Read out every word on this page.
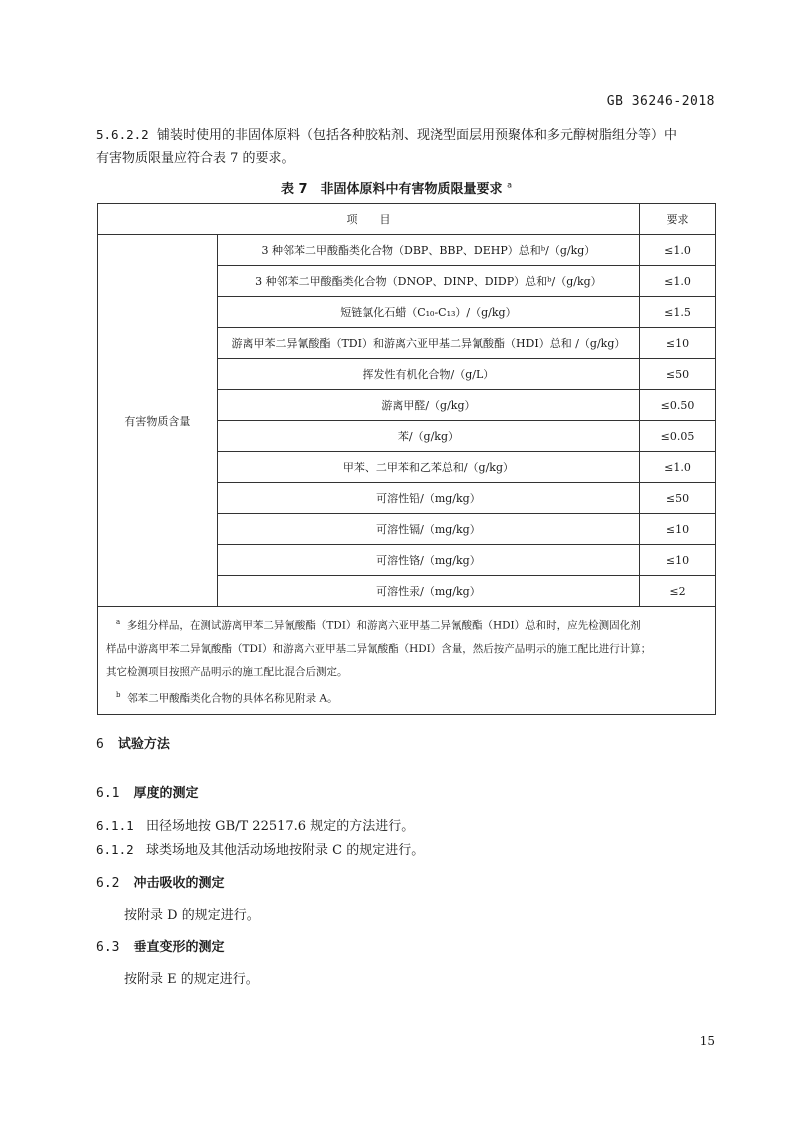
GB 36246-2018
5.6.2.2 铺装时使用的非固体原料（包括各种胶粘剂、现浇型面层用预聚体和多元醇树脂组分等）中
有害物质限量应符合表 7 的要求。
表 7　非固体原料中有害物质限量要求 $^a$
项　　目		要求
有害物质含量	3 种邻苯二甲酸酯类化合物（DBP、BBP、DEHP）总和ᵇ/（g/kg）	≤1.0
	3 种邻苯二甲酸酯类化合物（DNOP、DINP、DIDP）总和ᵇ/（g/kg）	≤1.0
	短链氯化石蜡（C₁₀-C₁₃）/（g/kg）	≤1.5
	游离甲苯二异氰酸酯（TDI）和游离六亚甲基二异氰酸酯（HDI）总和 /（g/kg）	≤10
	挥发性有机化合物/（g/L）	≤50
	游离甲醛/（g/kg）	≤0.50
	苯/（g/kg）	≤0.05
	甲苯、二甲苯和乙苯总和/（g/kg）	≤1.0
	可溶性铅/（mg/kg）	≤50
	可溶性镉/（mg/kg）	≤10
	可溶性铬/（mg/kg）	≤10
	可溶性汞/（mg/kg）	≤2

$^a$ 多组分样品，在测试游离甲苯二异氰酸酯（TDI）和游离六亚甲基二异氰酸酯（HDI）总和时，应先检测固化剂
样品中游离甲苯二异氰酸酯（TDI）和游离六亚甲基二异氰酸酯（HDI）含量，然后按产品明示的施工配比进行计算；
其它检测项目按照产品明示的施工配比混合后测定。
$^b$ 邻苯二甲酸酯类化合物的具体名称见附录 A。		
6 试验方法
6.1 厚度的测定
6.1.1 田径场地按 GB/T 22517.6 规定的方法进行。
6.1.2 球类场地及其他活动场地按附录 C 的规定进行。
6.2 冲击吸收的测定
按附录 D 的规定进行。
6.3 垂直变形的测定
按附录 E 的规定进行。
15
